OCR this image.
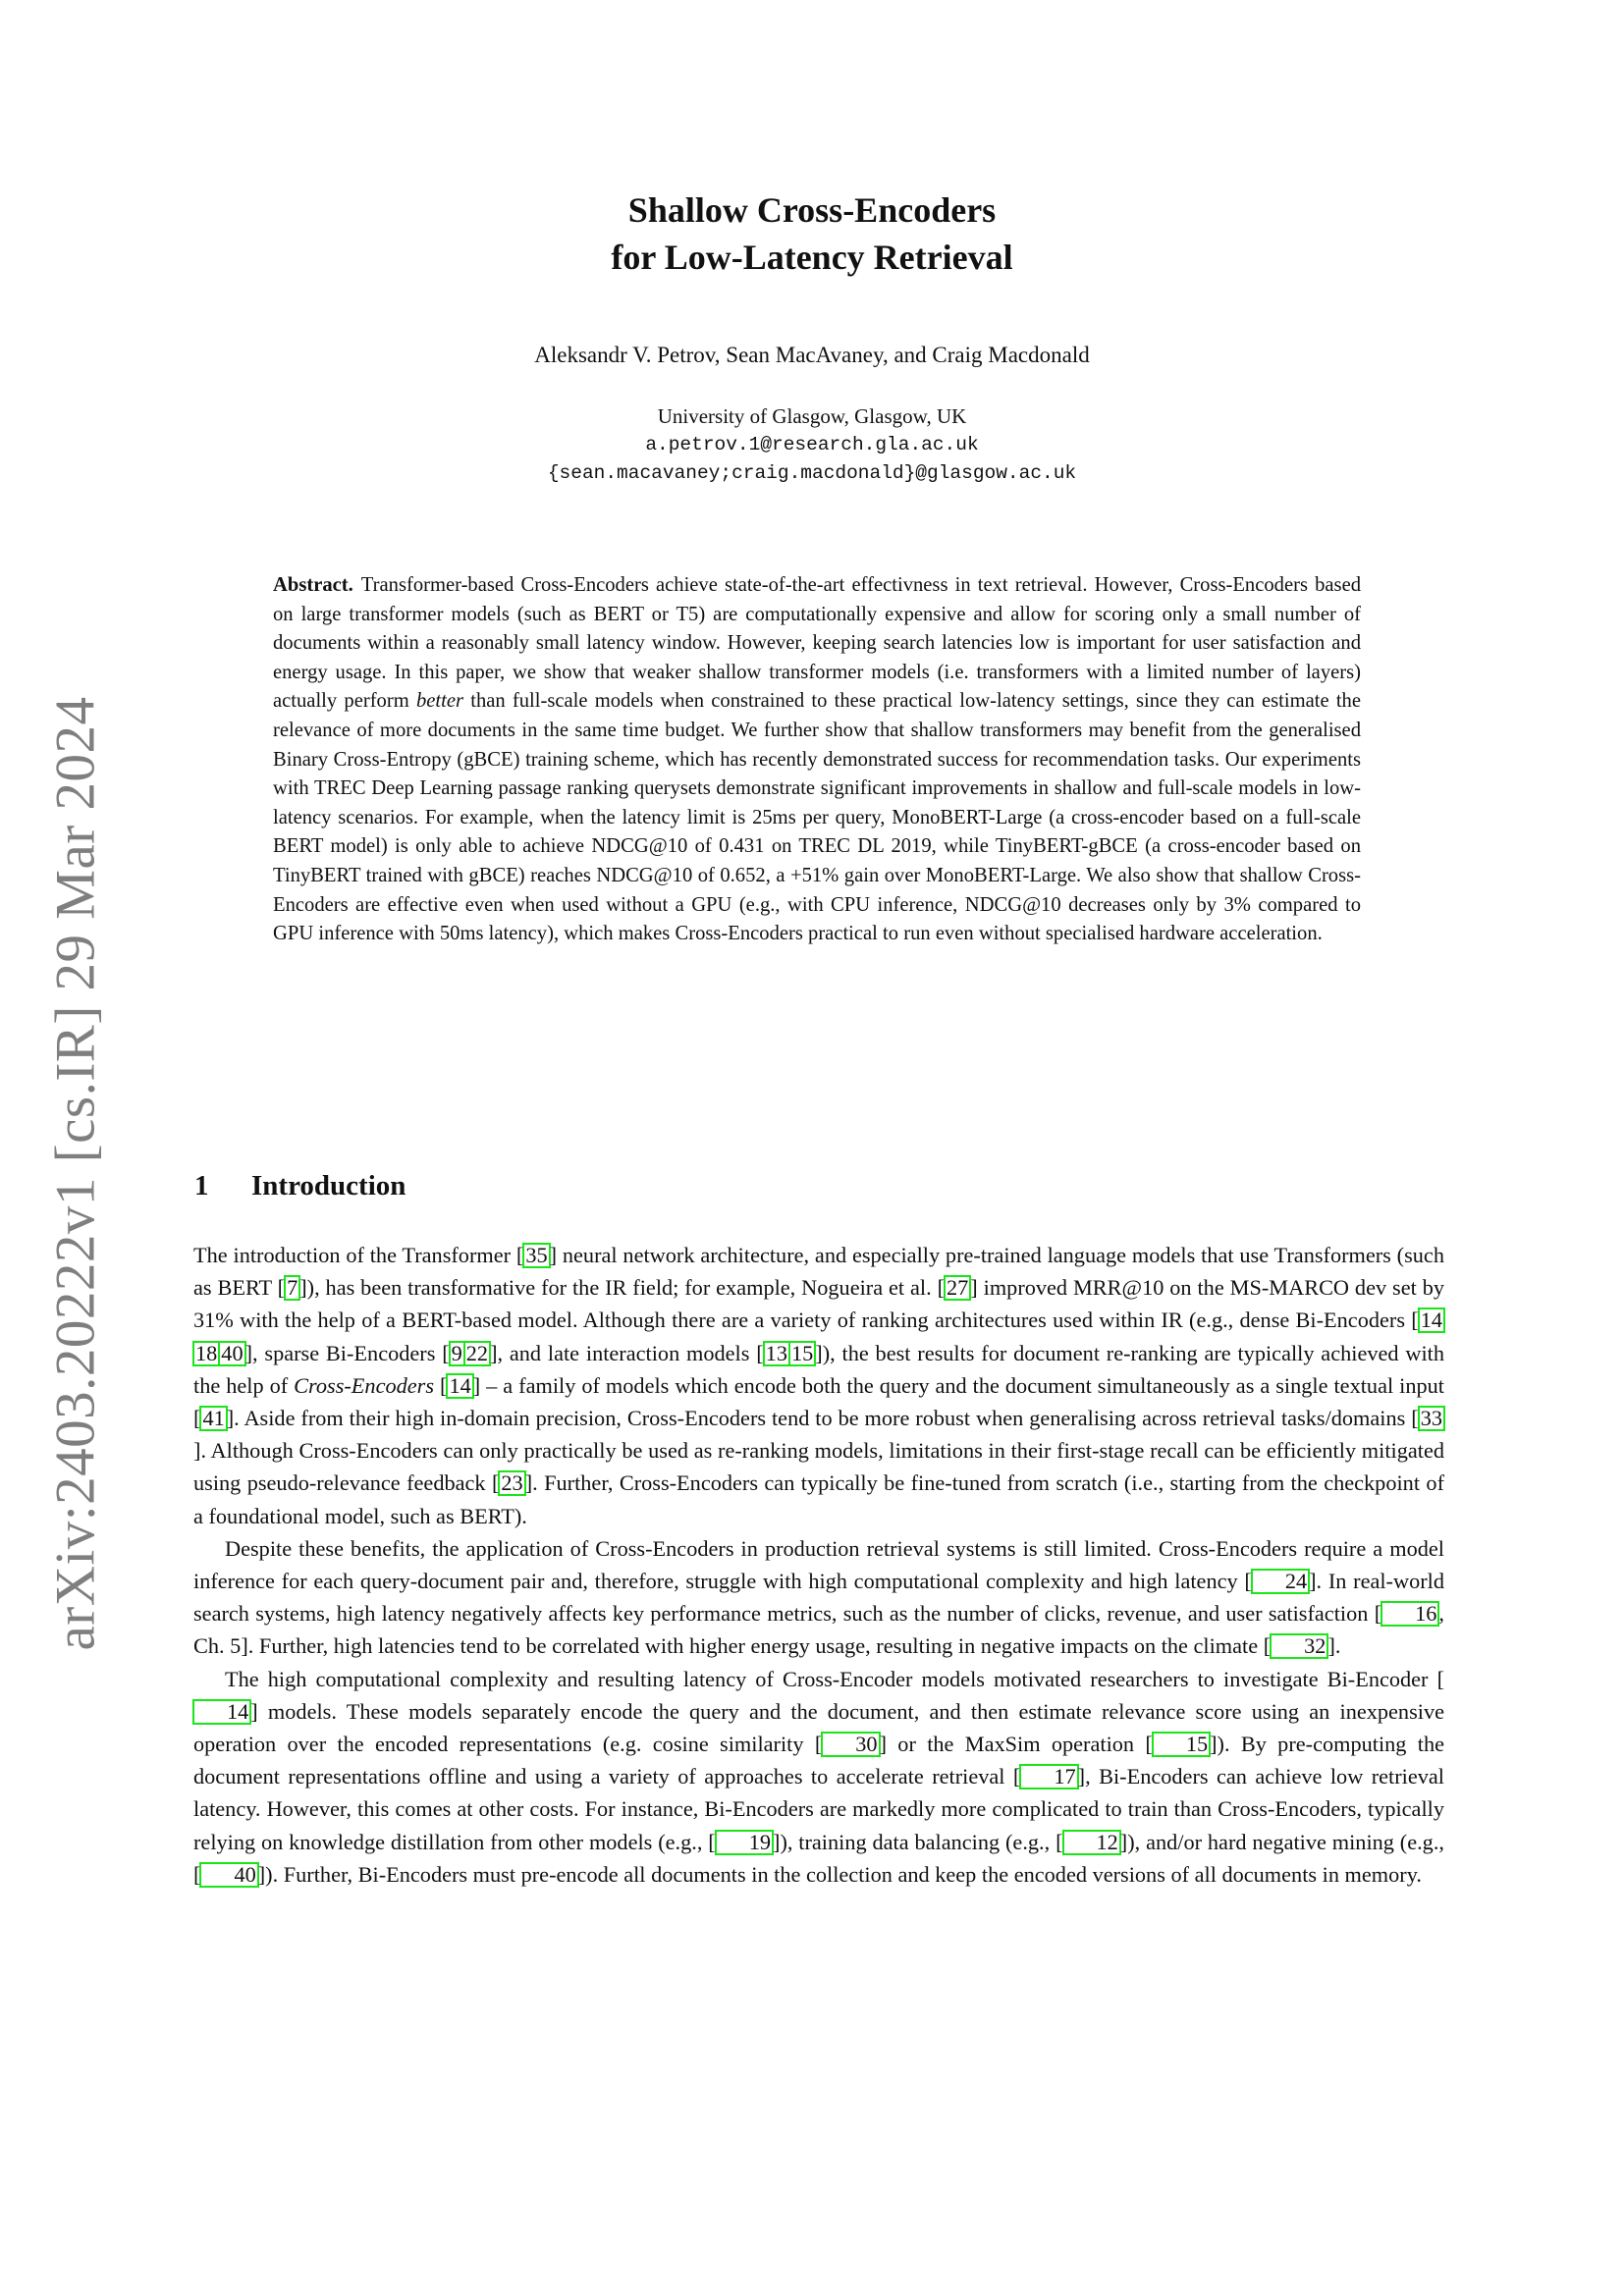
arXiv:2403.20222v1 [cs.IR] 29 Mar 2024
Shallow Cross-Encoders
for Low-Latency Retrieval
Aleksandr V. Petrov, Sean MacAvaney, and Craig Macdonald
University of Glasgow, Glasgow, UK
a.petrov.1@research.gla.ac.uk
{sean.macavaney;craig.macdonald}@glasgow.ac.uk
Abstract. Transformer-based Cross-Encoders achieve state-of-the-art effectivness in text retrieval. However, Cross-Encoders based on large transformer models (such as BERT or T5) are computationally expensive and allow for scoring only a small number of documents within a reasonably small latency window. However, keeping search latencies low is important for user satisfaction and energy usage. In this paper, we show that weaker shallow transformer models (i.e. transformers with a limited number of layers) actually perform better than full-scale models when constrained to these practical low-latency settings, since they can estimate the relevance of more documents in the same time budget. We further show that shallow transformers may benefit from the generalised Binary Cross-Entropy (gBCE) training scheme, which has recently demonstrated success for recommendation tasks. Our experiments with TREC Deep Learning passage ranking querysets demonstrate significant improvements in shallow and full-scale models in low-latency scenarios. For example, when the latency limit is 25ms per query, MonoBERT-Large (a cross-encoder based on a full-scale BERT model) is only able to achieve NDCG@10 of 0.431 on TREC DL 2019, while TinyBERT-gBCE (a cross-encoder based on TinyBERT trained with gBCE) reaches NDCG@10 of 0.652, a +51% gain over MonoBERT-Large. We also show that shallow Cross-Encoders are effective even when used without a GPU (e.g., with CPU inference, NDCG@10 decreases only by 3% compared to GPU inference with 50ms latency), which makes Cross-Encoders practical to run even without specialised hardware acceleration.
1 Introduction

The introduction of the Transformer [35] neural network architecture, and especially pre-trained language models that use Transformers (such as BERT [7]), has been transformative for the IR field; for example, Nogueira et al. [27] improved MRR@10 on the MS-MARCO dev set by 31% with the help of a BERT-based model. Although there are a variety of ranking architectures used within IR (e.g., dense Bi-Encoders [1418 40], sparse Bi-Encoders [9 22], and late interaction models [13 15]), the best results for document re-ranking are typically achieved with the help of Cross-Encoders [14] – a family of models which encode both the query and the document simultaneously as a single textual input [41]. Aside from their high in-domain precision, Cross-Encoders tend to be more robust when generalising across retrieval tasks/domains [33]. Although Cross-Encoders can only practically be used as re-ranking models, limitations in their first-stage recall can be efficiently mitigated using pseudo-relevance feedback [23]. Further, Cross-Encoders can typically be fine-tuned from scratch (i.e., starting from the checkpoint of a foundational model, such as BERT).

Despite these benefits, the application of Cross-Encoders in production retrieval systems is still limited. Cross-Encoders require a model inference for each query-document pair and, therefore, struggle with high computational complexity and high latency [ 24]. In real-world search systems, high latency negatively affects key performance metrics, such as the number of clicks, revenue, and user satisfaction [ 16, Ch. 5]. Further, high latencies tend to be correlated with higher energy usage, resulting in negative impacts on the climate [ 32].

The high computational complexity and resulting latency of Cross-Encoder models motivated researchers to investigate Bi-Encoder [14] models. These models separately encode the query and the document, and then estimate relevance score using an inexpensive operation over the encoded representations (e.g. cosine similarity [ 30] or the MaxSim operation [ 15]). By pre-computing the document representations offline and using a variety of approaches to accelerate retrieval [ 17], Bi-Encoders can achieve low retrieval latency. However, this comes at other costs. For instance, Bi-Encoders are markedly more complicated to train than Cross-Encoders, typically relying on knowledge distillation from other models (e.g., [ 19]), training data balancing (e.g., [ 12]), and/or hard negative mining (e.g., [ 40]). Further, Bi-Encoders must pre-encode all documents in the collection and keep the encoded versions of all documents in memory.
